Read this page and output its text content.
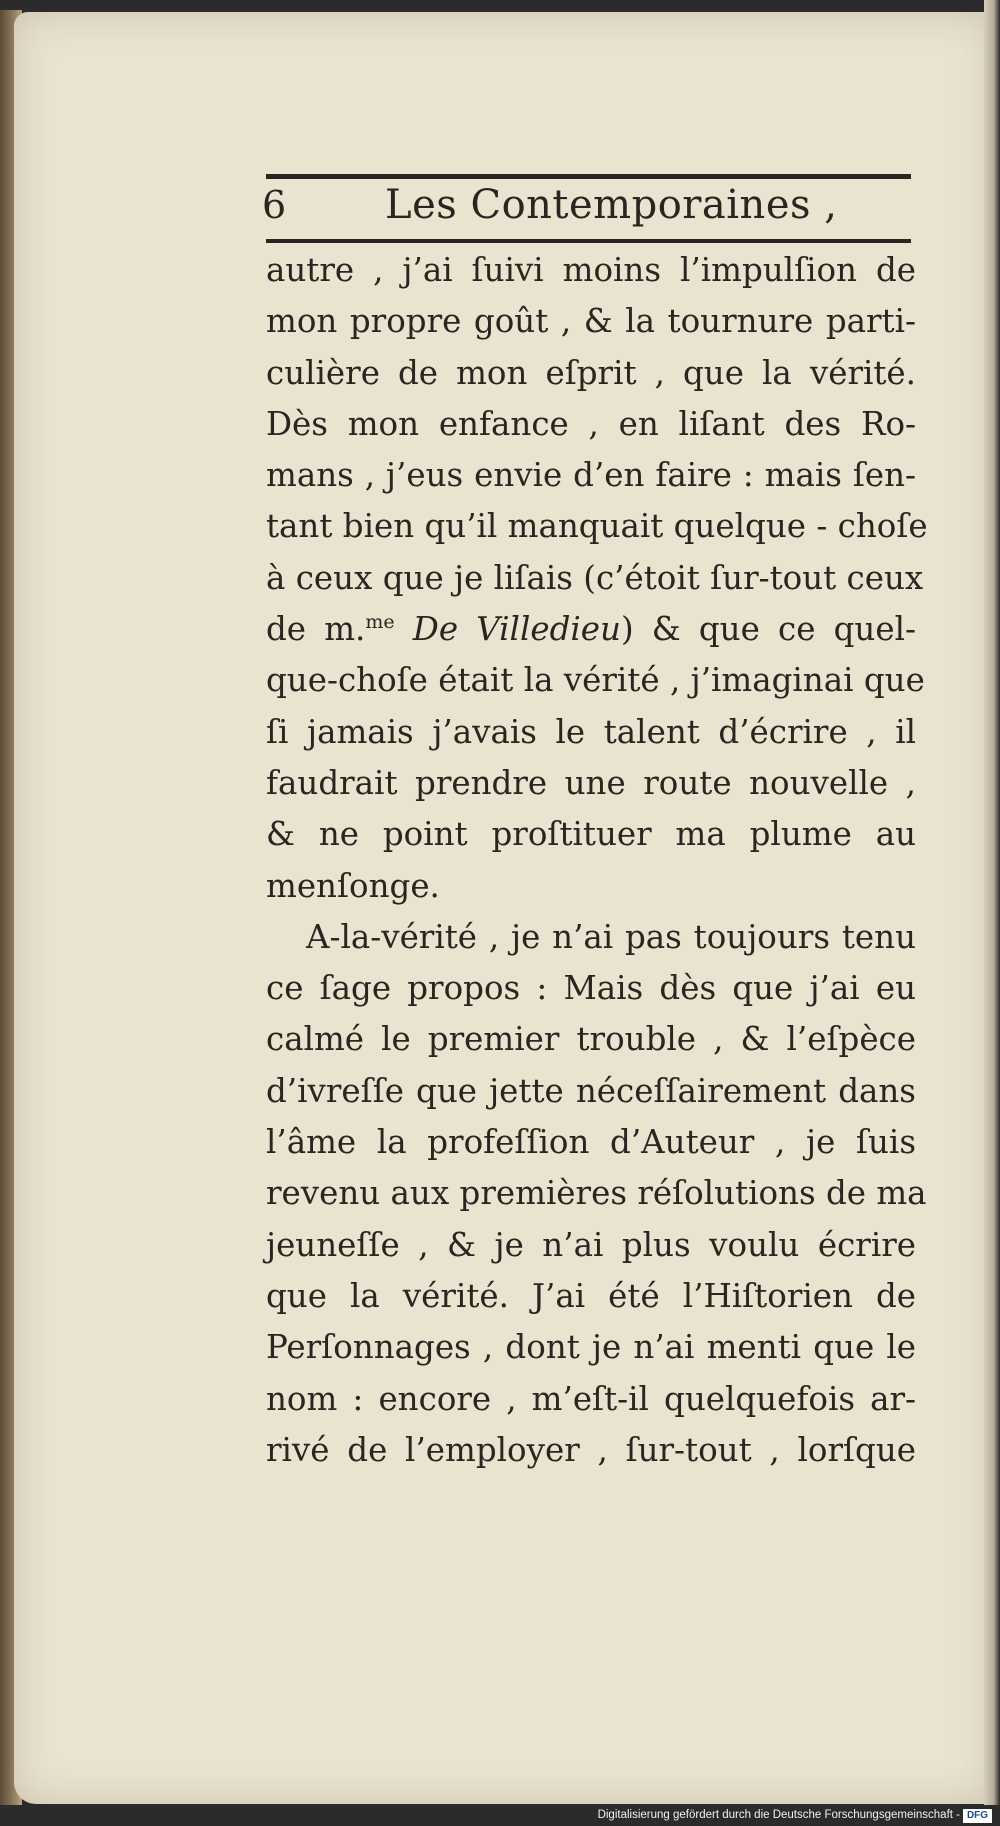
6 Les Contemporaines ,
autre , j’ai ſuivi moins l’impulſion de
mon propre goût , & la tournure parti-
culière de mon eſprit , que la vérité.
Dès mon enfance , en liſant des Ro-
mans , j’eus envie d’en faire : mais ſen-
tant bien qu’il manquait quelque - choſe
à ceux que je liſais (c’étoit ſur-tout ceux
de m.$^{me}$ De Villedieu) & que ce quel-
que-choſe était la vérité , j’imaginai que
ſi jamais j’avais le talent d’écrire , il
faudrait prendre une route nouvelle ,
& ne point proſtituer ma plume au
menſonge.
A-la-vérité , je n’ai pas toujours tenu
ce ſage propos : Mais dès que j’ai eu
calmé le premier trouble , & l’eſpèce
d’ivreſſe que jette néceſſairement dans
l’âme la profeſſion d’Auteur , je ſuis
revenu aux premières réſolutions de ma
jeuneſſe , & je n’ai plus voulu écrire
que la vérité. J’ai été l’Hiſtorien de
Perſonnages , dont je n’ai menti que le
nom : encore , m’eſt-il quelquefois ar-
rivé de l’employer , ſur-tout , lorſque
Digitalisierung gefördert durch die Deutsche Forschungsgemeinschaft - DFG
